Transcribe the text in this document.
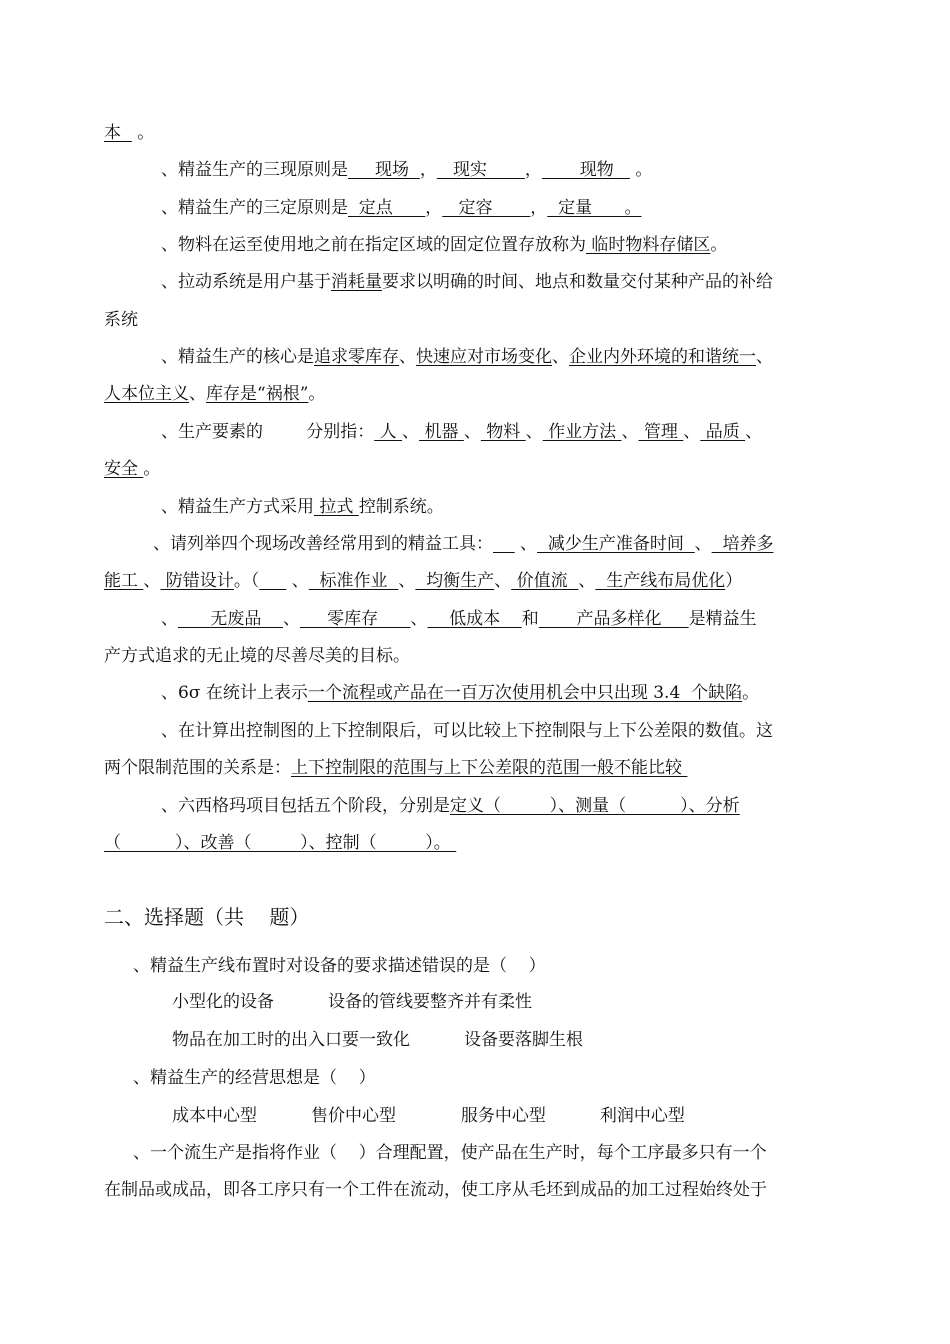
本   。
、精益生产的三现原则是     现场  ，   现实       ，       现物    。
、精益生产的三定原则是  定点      ，   定容       ，  定量      。
、物料在运至使用地之前在指定区域的固定位置存放称为 临时物料存储区。
、拉动系统是用户基于消耗量要求以明确的时间、地点和数量交付某种产品的补给
系统
、精益生产的核心是追求零库存、快速应对市场变化、企业内外环境的和谐统一、
人本位主义、库存是“祸根”。
、生产要素的        分别指： 人 、 机器 、 物料 、 作业方法 、 管理 、 品质 、
安全 。
、精益生产方式采用 拉式 控制系统。
、请列举四个现场改善经常用到的精益工具：     、  减少生产准备时间  、  培养多
能工 、 防错设计。（      、  标准作业  、  均衡生产、 价值流  、  生产线布局优化）
、      无废品    、     零库存      、    低成本    和       产品多样化     是精益生
产方式追求的无止境的尽善尽美的目标。
、6σ 在统计上表示一个流程或产品在一百万次使用机会中只出现 3.4  个缺陷。
、在计算出控制图的上下控制限后，可以比较上下控制限与上下公差限的数值。这
两个限制范围的关系是：上下控制限的范围与上下公差限的范围一般不能比较
、六西格玛项目包括五个阶段，分别是定义（         ）、测量（          ）、分析
（          ）、改善（         ）、控制（         ）。
二、选择题（共    题）
、精益生产线布置时对设备的要求描述错误的是（    ）
小型化的设备          设备的管线要整齐并有柔性
物品在加工时的出入口要一致化          设备要落脚生根
、精益生产的经营思想是（    ）
成本中心型          售价中心型            服务中心型          利润中心型
、一个流生产是指将作业（    ）合理配置，使产品在生产时，每个工序最多只有一个
在制品或成品，即各工序只有一个工件在流动，使工序从毛坯到成品的加工过程始终处于
